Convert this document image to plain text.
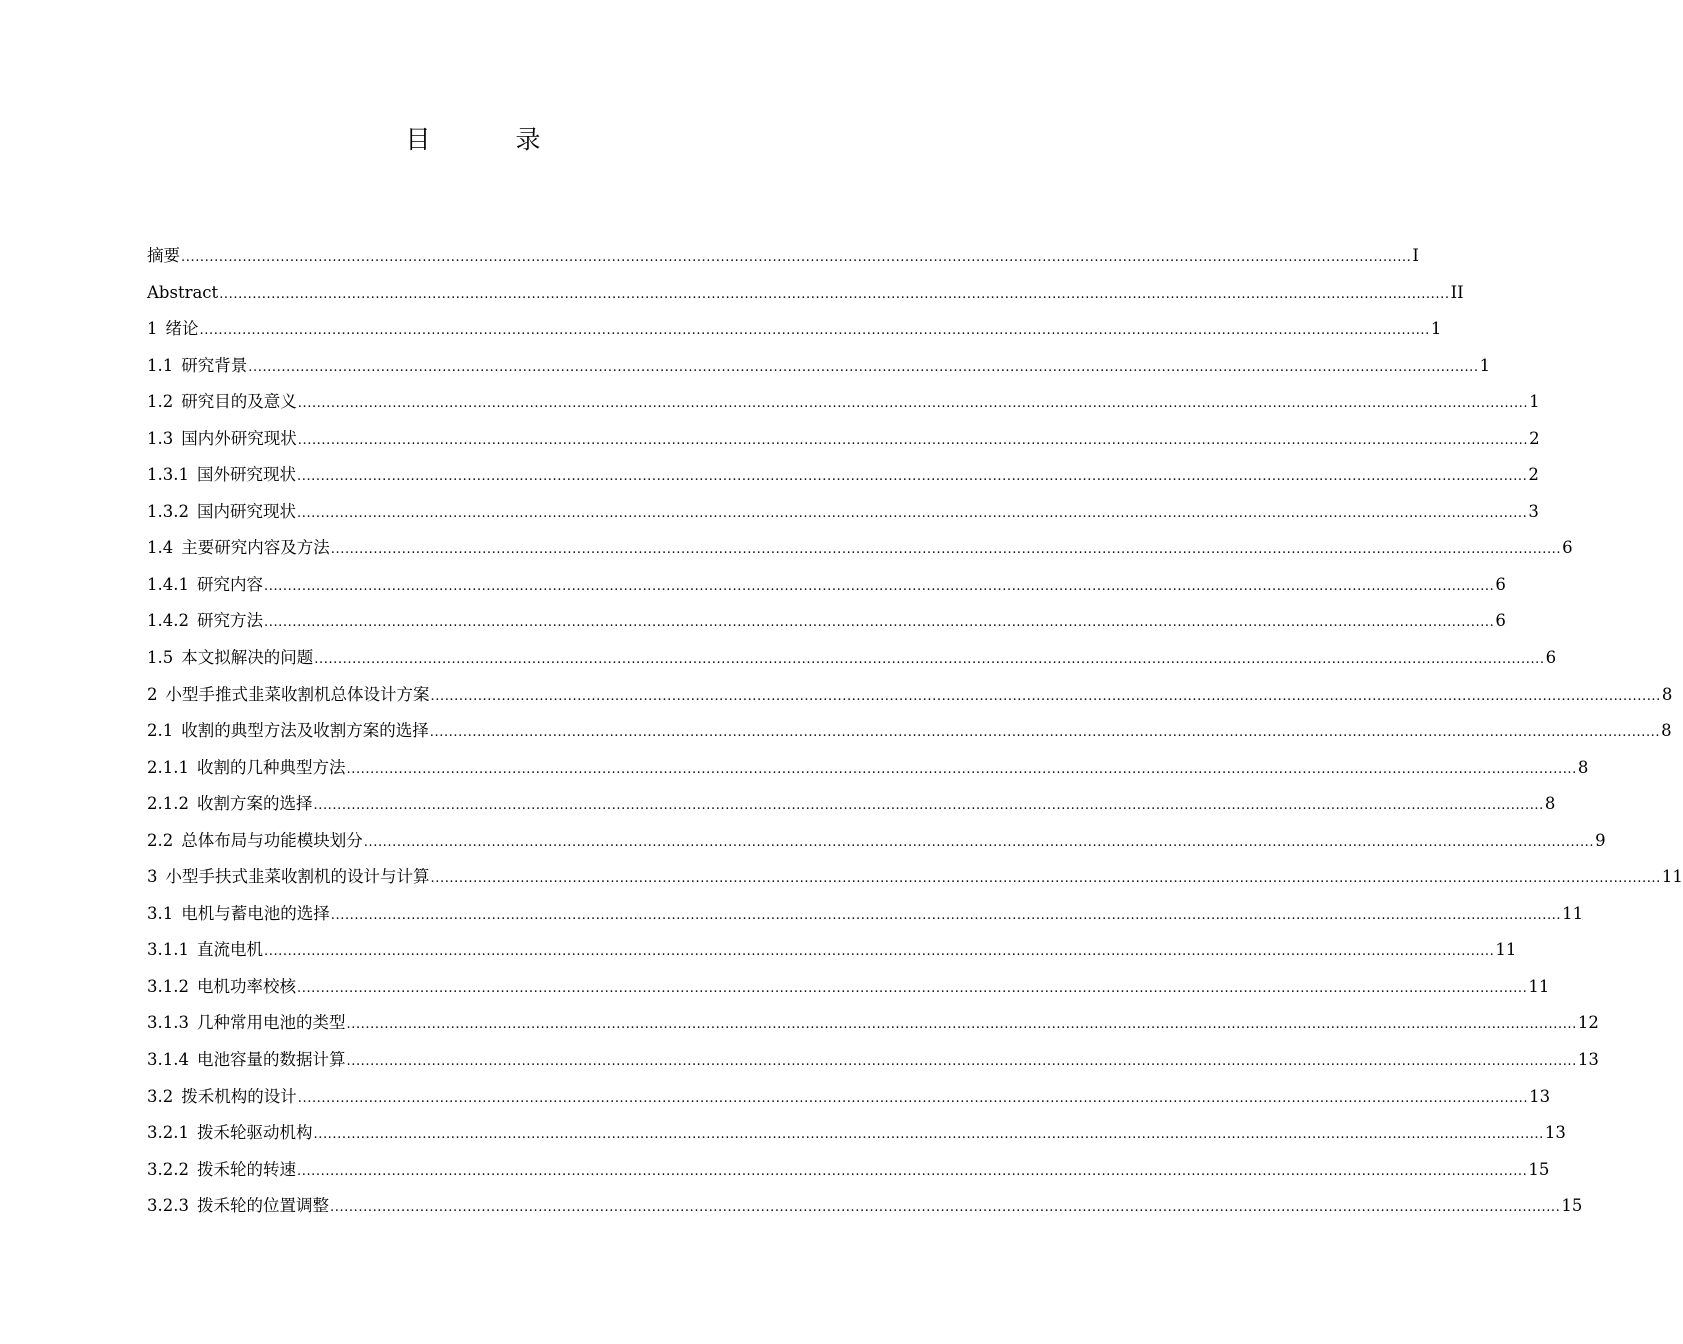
目　录
摘要 .................................................................................................................................................................................................................................................................... I
Abstract .................................................................................................................................................................................................................................................................... II
1 绪论 .................................................................................................................................................................................................................................................................... 1
1.1 研究背景 .................................................................................................................................................................................................................................................................... 1
1.2 研究目的及意义 .................................................................................................................................................................................................................................................................... 1
1.3 国内外研究现状 .................................................................................................................................................................................................................................................................... 2
1.3.1 国外研究现状 .................................................................................................................................................................................................................................................................... 2
1.3.2 国内研究现状 .................................................................................................................................................................................................................................................................... 3
1.4 主要研究内容及方法 .................................................................................................................................................................................................................................................................... 6
1.4.1 研究内容 .................................................................................................................................................................................................................................................................... 6
1.4.2 研究方法 .................................................................................................................................................................................................................................................................... 6
1.5 本文拟解决的问题 .................................................................................................................................................................................................................................................................... 6
2 小型手推式韭菜收割机总体设计方案 .................................................................................................................................................................................................................................................................... 8
2.1 收割的典型方法及收割方案的选择 .................................................................................................................................................................................................................................................................... 8
2.1.1 收割的几种典型方法 .................................................................................................................................................................................................................................................................... 8
2.1.2 收割方案的选择 .................................................................................................................................................................................................................................................................... 8
2.2 总体布局与功能模块划分 .................................................................................................................................................................................................................................................................... 9
3 小型手扶式韭菜收割机的设计与计算 .................................................................................................................................................................................................................................................................... 11
3.1 电机与蓄电池的选择 .................................................................................................................................................................................................................................................................... 11
3.1.1 直流电机 .................................................................................................................................................................................................................................................................... 11
3.1.2 电机功率校核 .................................................................................................................................................................................................................................................................... 11
3.1.3 几种常用电池的类型 .................................................................................................................................................................................................................................................................... 12
3.1.4 电池容量的数据计算 .................................................................................................................................................................................................................................................................... 13
3.2 拨禾机构的设计 .................................................................................................................................................................................................................................................................... 13
3.2.1 拨禾轮驱动机构 .................................................................................................................................................................................................................................................................... 13
3.2.2 拨禾轮的转速 .................................................................................................................................................................................................................................................................... 15
3.2.3 拨禾轮的位置调整 .................................................................................................................................................................................................................................................................... 15
